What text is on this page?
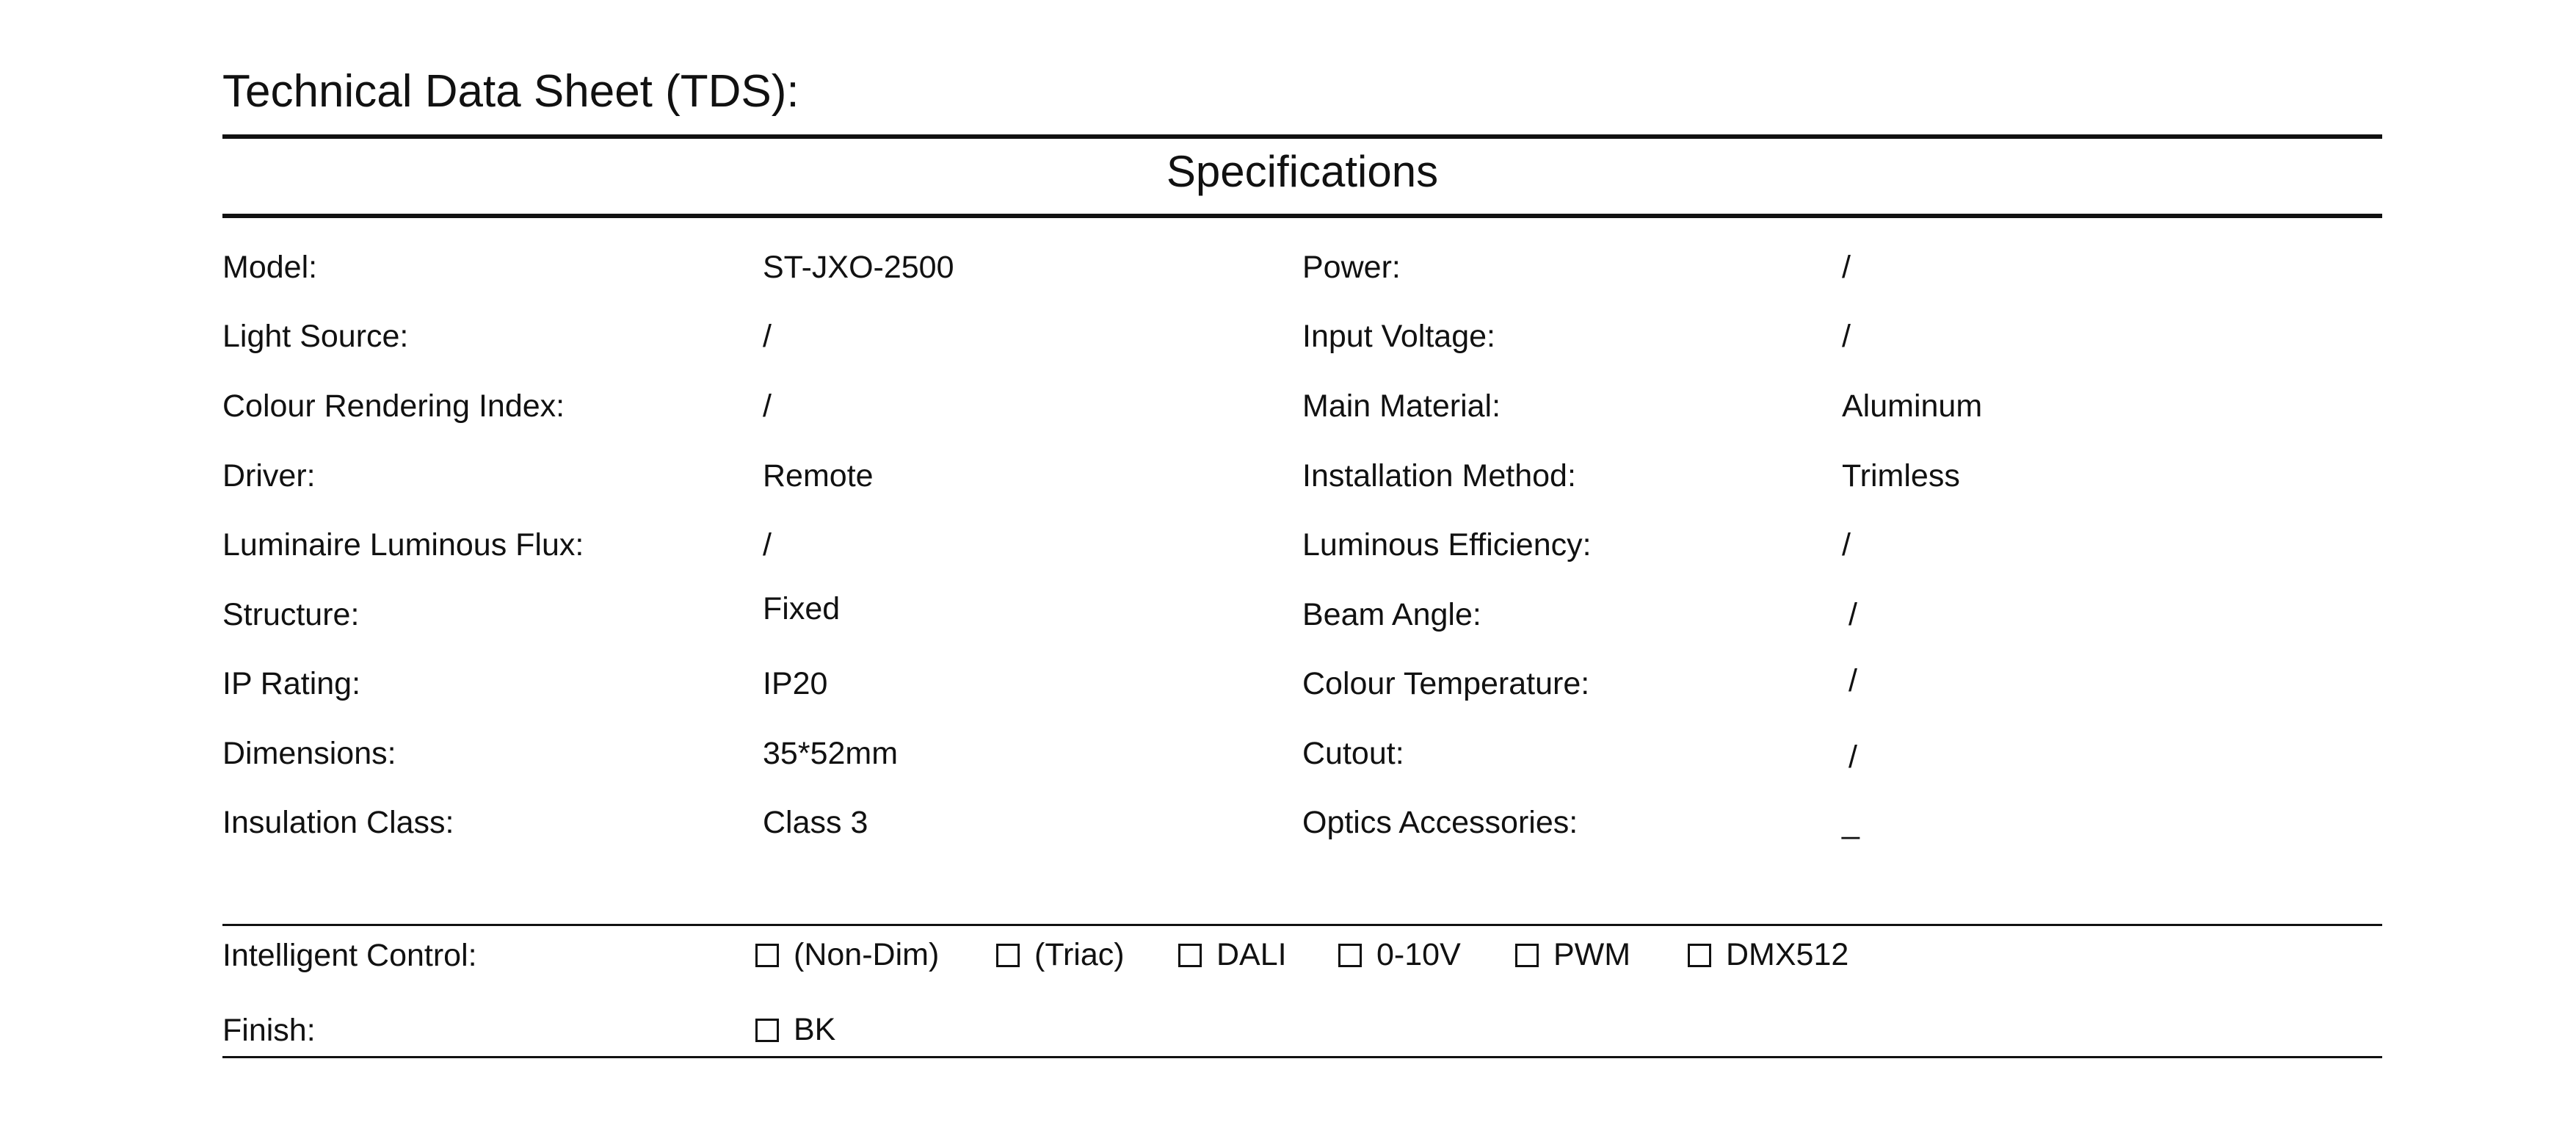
Technical Data Sheet (TDS):
Specifications
Model:	ST-JXO-2500
Light Source:	/
Colour Rendering Index:	/
Driver:	Remote
Luminaire Luminous Flux:	/
Structure:	Fixed
IP Rating:	IP20
Dimensions:	35*52mm
Insulation Class:	Class 3
Power:	/
Input Voltage:	/
Main Material:	Aluminum
Installation Method:	Trimless
Luminous Efficiency:	/
Beam Angle:	/
Colour Temperature:	/
Cutout:	/
Optics Accessories:	_
Intelligent Control:	(Non-Dim)	(Triac)	DALI	0-10V	PWM	DMX512
Finish:	BK
